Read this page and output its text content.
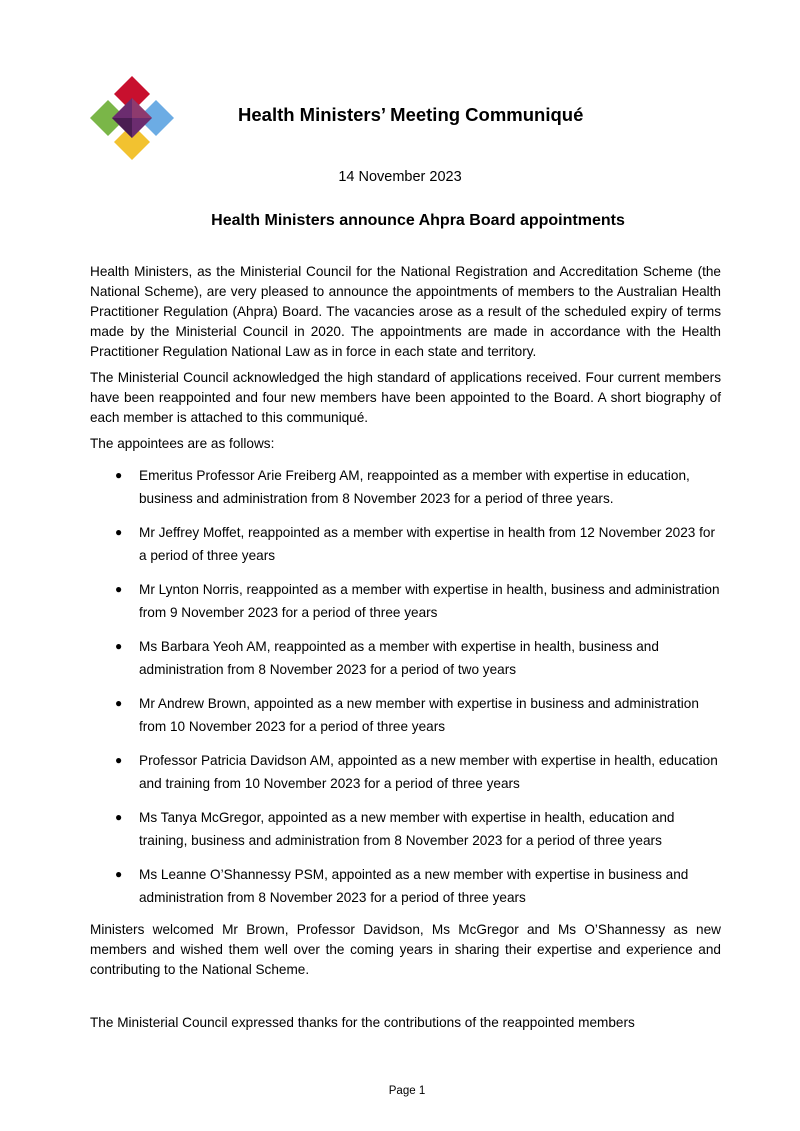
Health Ministers’ Meeting Communiqué
14 November 2023
Health Ministers announce Ahpra Board appointments

Health Ministers, as the Ministerial Council for the National Registration and Accreditation Scheme (the National Scheme), are very pleased to announce the appointments of members to the Australian Health Practitioner Regulation (Ahpra) Board. The vacancies arose as a result of the scheduled expiry of terms made by the Ministerial Council in 2020. The appointments are made in accordance with the Health Practitioner Regulation National Law as in force in each state and territory.

The Ministerial Council acknowledged the high standard of applications received. Four current members have been reappointed and four new members have been appointed to the Board. A short biography of each member is attached to this communiqué.

The appointees are as follows:

● Emeritus Professor Arie Freiberg AM, reappointed as a member with expertise in education, business and administration from 8 November 2023 for a period of three years.
● Mr Jeffrey Moffet, reappointed as a member with expertise in health from 12 November 2023 for a period of three years
● Mr Lynton Norris, reappointed as a member with expertise in health, business and administration from 9 November 2023 for a period of three years
● Ms Barbara Yeoh AM, reappointed as a member with expertise in health, business and administration from 8 November 2023 for a period of two years
● Mr Andrew Brown, appointed as a new member with expertise in business and administration from 10 November 2023 for a period of three years
● Professor Patricia Davidson AM, appointed as a new member with expertise in health, education and training from 10 November 2023 for a period of three years
● Ms Tanya McGregor, appointed as a new member with expertise in health, education and training, business and administration from 8 November 2023 for a period of three years
● Ms Leanne O’Shannessy PSM, appointed as a new member with expertise in business and administration from 8 November 2023 for a period of three years

Ministers welcomed Mr Brown, Professor Davidson, Ms McGregor and Ms O’Shannessy as new members and wished them well over the coming years in sharing their expertise and experience and contributing to the National Scheme.

The Ministerial Council expressed thanks for the contributions of the reappointed members

Page 1
